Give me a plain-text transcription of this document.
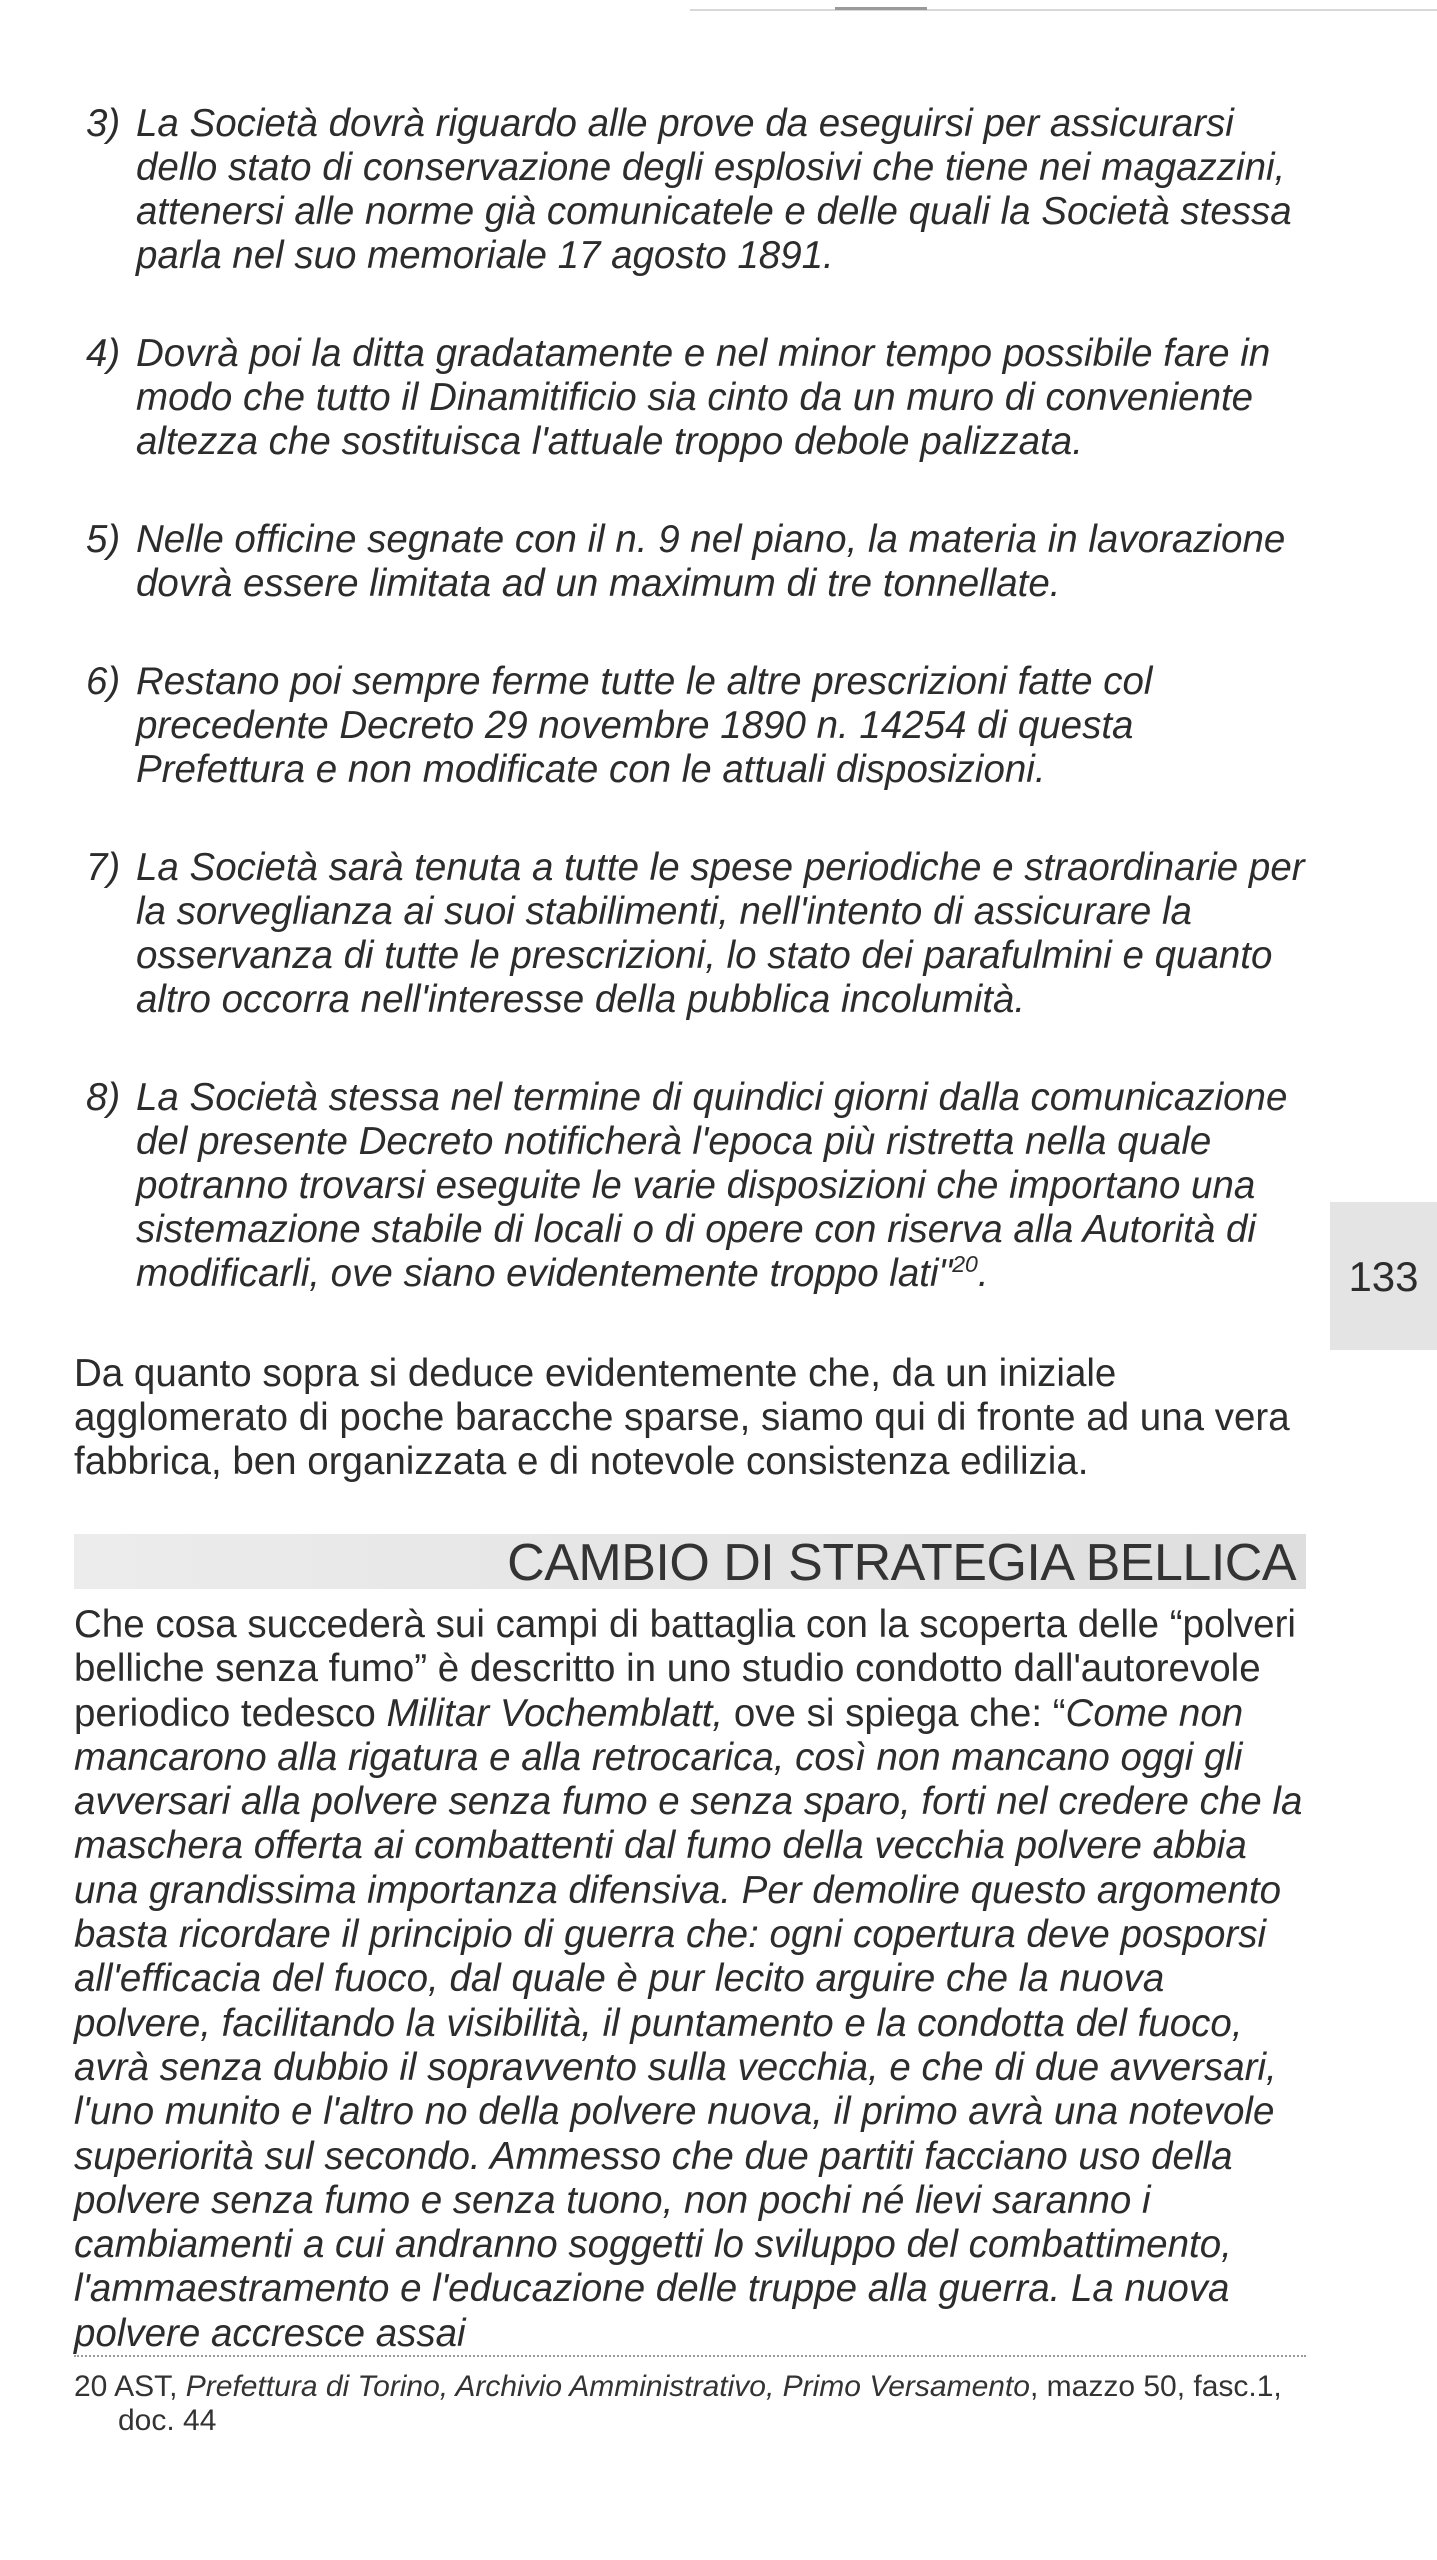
3) La Società dovrà riguardo alle prove da eseguirsi per assicurarsi dello stato di conservazione degli esplosivi che tiene nei magazzini, attenersi alle norme già comunicatele e delle quali la Società stessa parla nel suo memoriale 17 agosto 1891.

4) Dovrà poi la ditta gradatamente e nel minor tempo possibile fare in modo che tutto il Dinamitificio sia cinto da un muro di conveniente altezza che sostituisca l'attuale troppo debole palizzata.

5) Nelle officine segnate con il n. 9 nel piano, la materia in lavorazione dovrà essere limitata ad un maximum di tre tonnellate.

6) Restano poi sempre ferme tutte le altre prescrizioni fatte col precedente Decreto 29 novembre 1890 n. 14254 di questa Prefettura e non modificate con le attuali disposizioni.

7) La Società sarà tenuta a tutte le spese periodiche e straordinarie per la sorveglianza ai suoi stabilimenti, nell'intento di assicurare la osservanza di tutte le prescrizioni, lo stato dei parafulmini e quanto altro occorra nell'interesse della pubblica incolumità.

8) La Società stessa nel termine di quindici giorni dalla comunicazione del presente Decreto notificherà l'epoca più ristretta nella quale potranno trovarsi eseguite le varie disposizioni che importano una sistemazione stabile di locali o di opere con riserva alla Autorità di modificarli, ove siano evidentemente troppo lati"$^{20}$.

Da quanto sopra si deduce evidentemente che, da un iniziale agglomerato di poche baracche sparse, siamo qui di fronte ad una vera fabbrica, ben organizzata e di notevole consistenza edilizia.

CAMBIO DI STRATEGIA BELLICA

Che cosa succederà sui campi di battaglia con la scoperta delle “polveri belliche senza fumo” è descritto in uno studio condotto dall'autorevole periodico tedesco Militar Vochemblatt, ove si spiega che: “Come non mancarono alla rigatura e alla retrocarica, così non mancano oggi gli avversari alla polvere senza fumo e senza sparo, forti nel credere che la maschera offerta ai combattenti dal fumo della vecchia polvere abbia una grandissima importanza difensiva. Per demolire questo argomento basta ricordare il principio di guerra che: ogni copertura deve posporsi all'efficacia del fuoco, dal quale è pur lecito arguire che la nuova polvere, facilitando la visibilità, il puntamento e la condotta del fuoco, avrà senza dubbio il sopravvento sulla vecchia, e che di due avversari, l'uno munito e l'altro no della polvere nuova, il primo avrà una notevole superiorità sul secondo. Ammesso che due partiti facciano uso della polvere senza fumo e senza tuono, non pochi né lievi saranno i cambiamenti a cui andranno soggetti lo sviluppo del combattimento, l'ammaestramento e l'educazione delle truppe alla guerra. La nuova polvere accresce assai

133
20 AST, Prefettura di Torino, Archivio Amministrativo, Primo Versamento, mazzo 50, fasc.1,
doc. 44
